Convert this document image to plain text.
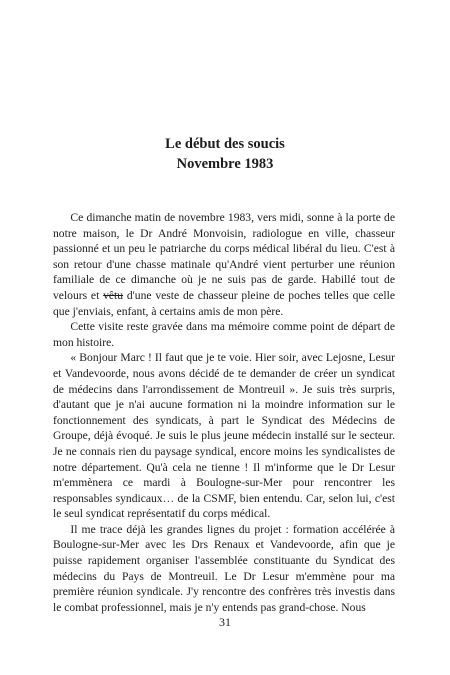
Le début des soucis
Novembre 1983

Ce dimanche matin de novembre 1983, vers midi, sonne à la porte de notre maison, le Dr André Monvoisin, radiologue en ville, chasseur passionné et un peu le patriarche du corps médical libéral du lieu. C'est à son retour d'une chasse matinale qu'André vient perturber une réunion familiale de ce dimanche où je ne suis pas de garde. Habillé tout de velours et vêtu d'une veste de chasseur pleine de poches telles que celle que j'enviais, enfant, à certains amis de mon père.

Cette visite reste gravée dans ma mémoire comme point de départ de mon histoire.

« Bonjour Marc ! Il faut que je te voie. Hier soir, avec Lejosne, Lesur et Vandevoorde, nous avons décidé de te demander de créer un syndicat de médecins dans l'arrondissement de Montreuil ». Je suis très surpris, d'autant que je n'ai aucune formation ni la moindre information sur le fonctionnement des syndicats, à part le Syndicat des Médecins de Groupe, déjà évoqué. Je suis le plus jeune médecin installé sur le secteur. Je ne connais rien du paysage syndical, encore moins les syndicalistes de notre département. Qu'à cela ne tienne ! Il m'informe que le Dr Lesur m'emmènera ce mardi à Boulogne-sur-Mer pour rencontrer les responsables syndicaux… de la CSMF, bien entendu. Car, selon lui, c'est le seul syndicat représentatif du corps médical.

Il me trace déjà les grandes lignes du projet : formation accélérée à Boulogne-sur-Mer avec les Drs Renaux et Vandevoorde, afin que je puisse rapidement organiser l'assemblée constituante du Syndicat des médecins du Pays de Montreuil. Le Dr Lesur m'emmène pour ma première réunion syndicale. J'y rencontre des confrères très investis dans le combat professionnel, mais je n'y entends pas grand-chose. Nous

31
